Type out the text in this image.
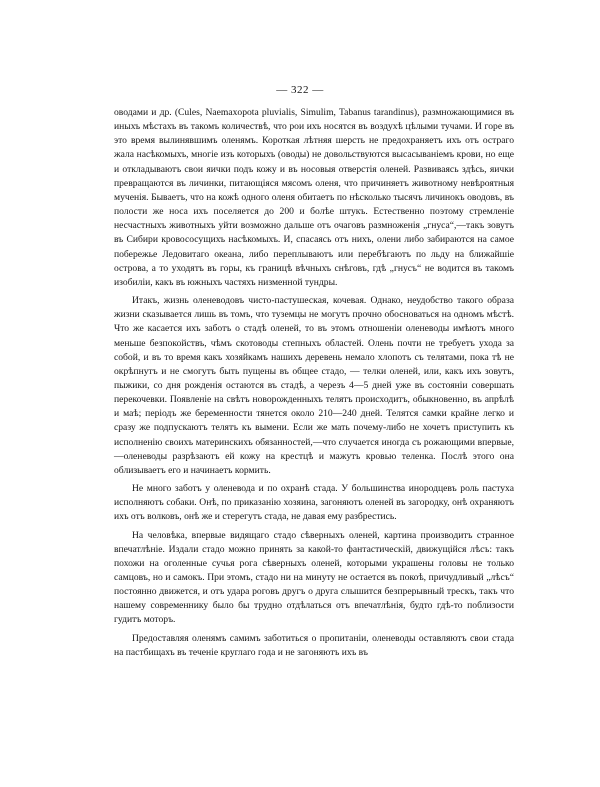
— 322 —

оводами и др. (Cules, Naemaxopota pluvialis, Simulim, Tabanus tarandinus), размножающимися въ иныхъ мѣстахъ въ такомъ количествѣ, что рои ихъ носятся въ воздухѣ цѣлыми тучами. И горе въ это время вылинявшимъ оленямъ. Короткая лѣтняя шерсть не предохраняетъ ихъ отъ остраго жала насѣкомыхъ, многіе изъ которыхъ (оводы) не довольствуются высасываніемъ крови, но еще и откладываютъ свои яички подъ кожу и въ носовыя отверстія оленей. Развиваясь здѣсь, яички превращаются въ личинки, питающіяся мясомъ оленя, что причиняетъ животному невѣроятныя мученія. Бываетъ, что на кожѣ одного оленя обитаетъ по нѣсколько тысячъ личинокъ оводовъ, въ полости же носа ихъ поселяется до 200 и болѣе штукъ. Естественно поэтому стремленіе несчастныхъ животныхъ уйти возможно дальше отъ очаговъ размноженія „гнуса“,—такъ зовутъ въ Сибири кровососущихъ насѣкомыхъ. И, спасаясь отъ нихъ, олени либо забираются на самое побережье Ледовитаго океана, либо переплываютъ или перебѣгаютъ по льду на ближайшіе острова, а то уходятъ въ горы, къ границѣ вѣчныхъ снѣговъ, гдѣ „гнусъ“ не водится въ такомъ изобиліи, какъ въ южныхъ частяхъ низменной тундры.

Итакъ, жизнь оленеводовъ чисто-пастушеская, кочевая. Однако, неудобство такого образа жизни сказывается лишь въ томъ, что туземцы не могутъ прочно обосноваться на одномъ мѣстѣ. Что же касается ихъ заботъ о стадѣ оленей, то въ этомъ отношеніи оленеводы имѣютъ много меньше безпокойствъ, чѣмъ скотоводы степныхъ областей. Олень почти не требуетъ ухода за собой, и въ то время какъ хозяйкамъ нашихъ деревень немало хлопотъ съ телятами, пока тѣ не окрѣпнутъ и не смогутъ быть пущены въ общее стадо, — телки оленей, или, какъ ихъ зовутъ, пыжики, со дня рожденія остаются въ стадѣ, а черезъ 4—5 дней уже въ состояніи совершать перекочевки. Появленіе на свѣтъ новорожденныхъ телятъ происходитъ, обыкновенно, въ апрѣлѣ и маѣ; періодъ же беременности тянется около 210—240 дней. Телятся самки крайне легко и сразу же подпускаютъ телятъ къ вымени. Если же мать почему-либо не хочетъ приступить къ исполненію своихъ материнскихъ обязанностей,—что случается иногда съ рожающими впервые,—оленеводы разрѣзаютъ ей кожу на крестцѣ и мажутъ кровью теленка. Послѣ этого она облизываетъ его и начинаетъ кормить.

Не много заботъ у оленевода и по охранѣ стада. У большинства инородцевъ роль пастуха исполняютъ собаки. Онѣ, по приказанію хозяина, загоняютъ оленей въ загородку, онѣ охраняютъ ихъ отъ волковъ, онѣ же и стерегутъ стада, не давая ему разбрестись.

На человѣка, впервые видящаго стадо сѣверныхъ оленей, картина производитъ странное впечатлѣніе. Издали стадо можно принять за какой-то фантастическій, движущійся лѣсъ: такъ похожи на оголенные сучья рога сѣверныхъ оленей, которыми украшены головы не только самцовъ, но и самокъ. При этомъ, стадо ни на минуту не остается въ покоѣ, причудливый „лѣсъ“ постоянно движется, и отъ удара роговъ другъ о друга слышится безпрерывный трескъ, такъ что нашему современнику было бы трудно отдѣлаться отъ впечатлѣнія, будто гдѣ-то поблизости гудитъ моторъ.

Предоставляя оленямъ самимъ заботиться о пропитаніи, оленеводы оставляютъ свои стада на пастбищахъ въ теченіе круглаго года и не загоняютъ ихъ въ
